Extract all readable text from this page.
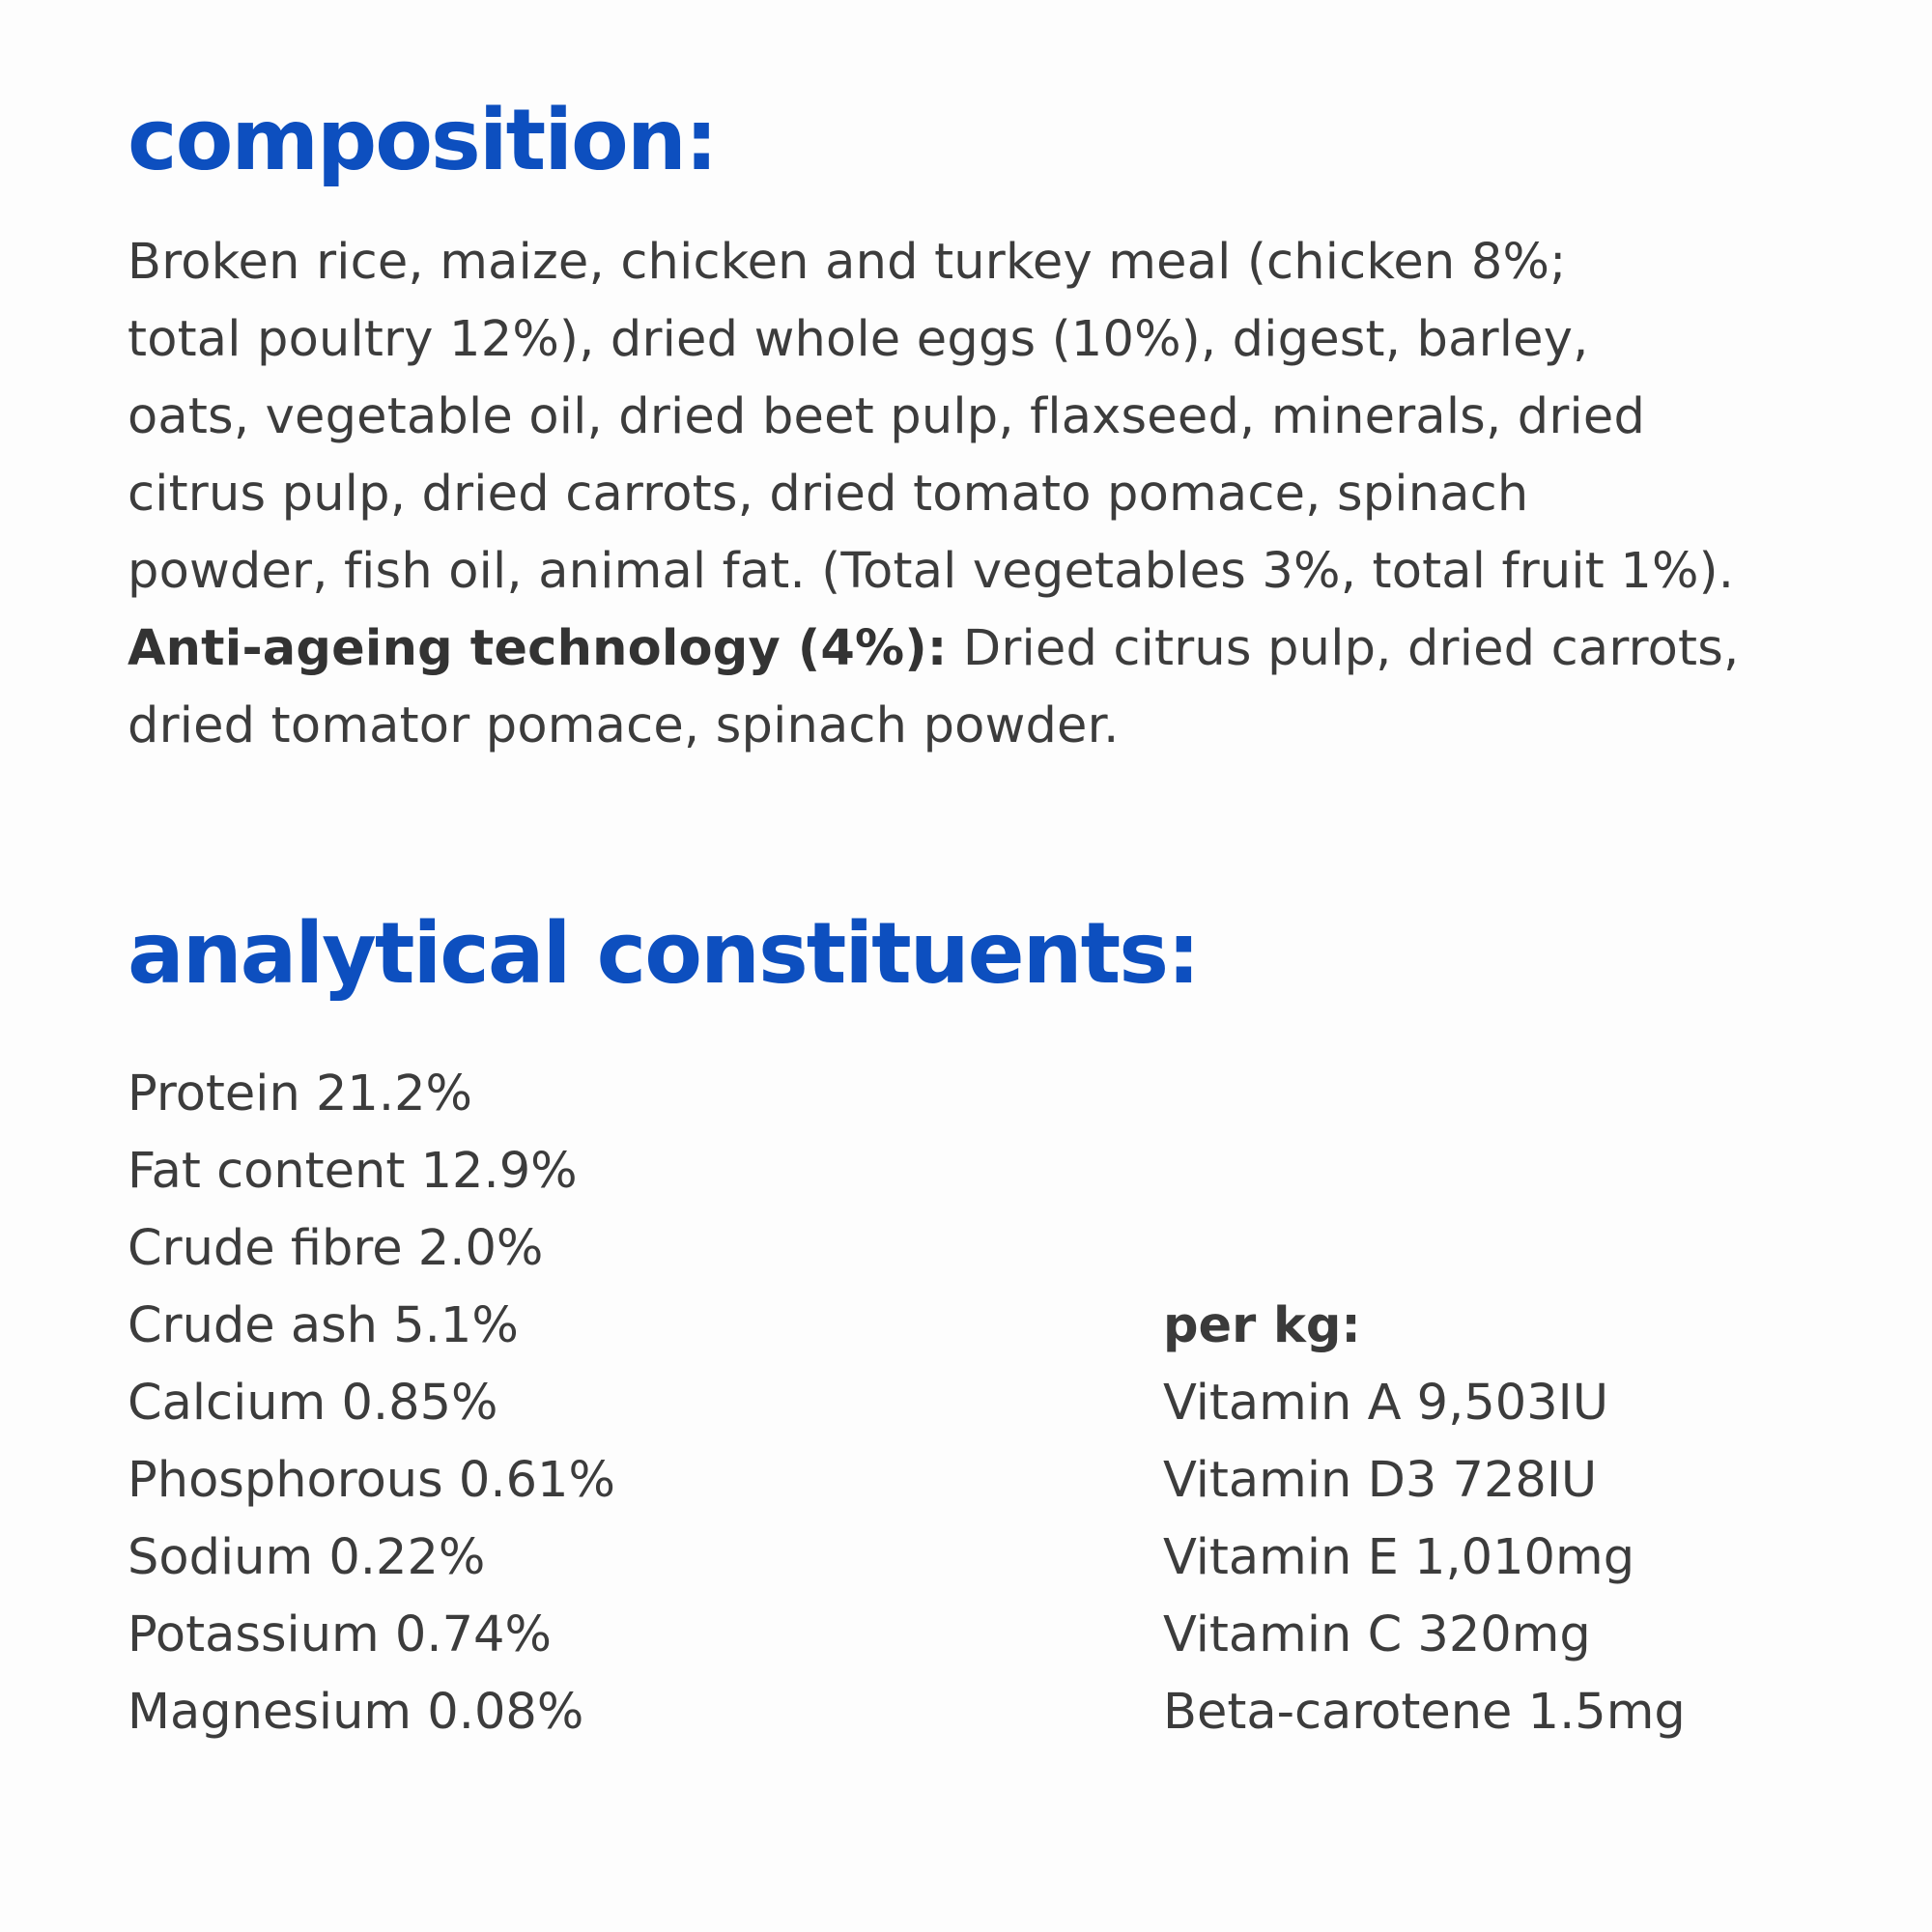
composition:
Broken rice, maize, chicken and turkey meal (chicken 8%;
total poultry 12%), dried whole eggs (10%), digest, barley,
oats, vegetable oil, dried beet pulp, flaxseed, minerals, dried
citrus pulp, dried carrots, dried tomato pomace, spinach
powder, fish oil, animal fat. (Total vegetables 3%, total fruit 1%).
Anti-ageing technology (4%): Dried citrus pulp, dried carrots,
dried tomator pomace, spinach powder.
analytical constituents:
Protein 21.2%
Fat content 12.9%
Crude fibre 2.0%
Crude ash 5.1%
Calcium 0.85%
Phosphorous 0.61%
Sodium 0.22%
Potassium 0.74%
Magnesium 0.08%
per kg:
Vitamin A 9,503IU
Vitamin D3 728IU
Vitamin E 1,010mg
Vitamin C 320mg
Beta-carotene 1.5mg
